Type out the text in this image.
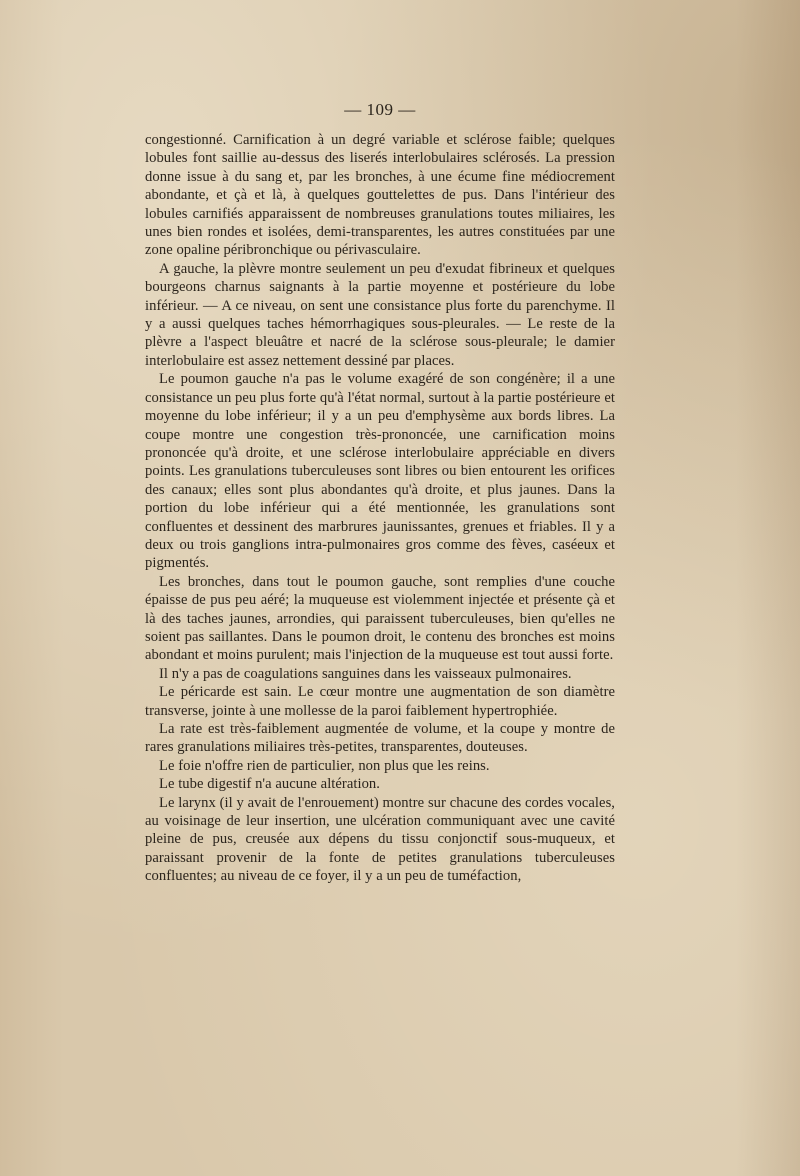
— 109 —

congestionné. Carnification à un degré variable et sclérose faible; quelques lobules font saillie au-dessus des liserés interlobulaires sclérosés. La pression donne issue à du sang et, par les bronches, à une écume fine médiocrement abondante, et çà et là, à quelques gouttelettes de pus. Dans l'intérieur des lobules carnifiés apparaissent de nombreuses granulations toutes miliaires, les unes bien rondes et isolées, demi-transparentes, les autres constituées par une zone opaline péribronchique ou périvasculaire.

A gauche, la plèvre montre seulement un peu d'exudat fibrineux et quelques bourgeons charnus saignants à la partie moyenne et postérieure du lobe inférieur. — A ce niveau, on sent une consistance plus forte du parenchyme. Il y a aussi quelques taches hémorrhagiques sous-pleurales. — Le reste de la plèvre a l'aspect bleuâtre et nacré de la sclérose sous-pleurale; le damier interlobulaire est assez nettement dessiné par places.

Le poumon gauche n'a pas le volume exagéré de son congénère; il a une consistance un peu plus forte qu'à l'état normal, surtout à la partie postérieure et moyenne du lobe inférieur; il y a un peu d'emphysème aux bords libres. La coupe montre une congestion très-prononcée, une carnification moins prononcée qu'à droite, et une sclérose interlobulaire appréciable en divers points. Les granulations tuberculeuses sont libres ou bien entourent les orifices des canaux; elles sont plus abondantes qu'à droite, et plus jaunes. Dans la portion du lobe inférieur qui a été mentionnée, les granulations sont confluentes et dessinent des marbrures jaunissantes, grenues et friables. Il y a deux ou trois ganglions intra-pulmonaires gros comme des fèves, caséeux et pigmentés.

Les bronches, dans tout le poumon gauche, sont remplies d'une couche épaisse de pus peu aéré; la muqueuse est violemment injectée et présente çà et là des taches jaunes, arrondies, qui paraissent tuberculeuses, bien qu'elles ne soient pas saillantes. Dans le poumon droit, le contenu des bronches est moins abondant et moins purulent; mais l'injection de la muqueuse est tout aussi forte.

Il n'y a pas de coagulations sanguines dans les vaisseaux pulmonaires.

Le péricarde est sain. Le cœur montre une augmentation de son diamètre transverse, jointe à une mollesse de la paroi faiblement hypertrophiée.

La rate est très-faiblement augmentée de volume, et la coupe y montre de rares granulations miliaires très-petites, transparentes, douteuses.

Le foie n'offre rien de particulier, non plus que les reins.

Le tube digestif n'a aucune altération.

Le larynx (il y avait de l'enrouement) montre sur chacune des cordes vocales, au voisinage de leur insertion, une ulcération communiquant avec une cavité pleine de pus, creusée aux dépens du tissu conjonctif sous-muqueux, et paraissant provenir de la fonte de petites granulations tuberculeuses confluentes; au niveau de ce foyer, il y a un peu de tuméfaction,
